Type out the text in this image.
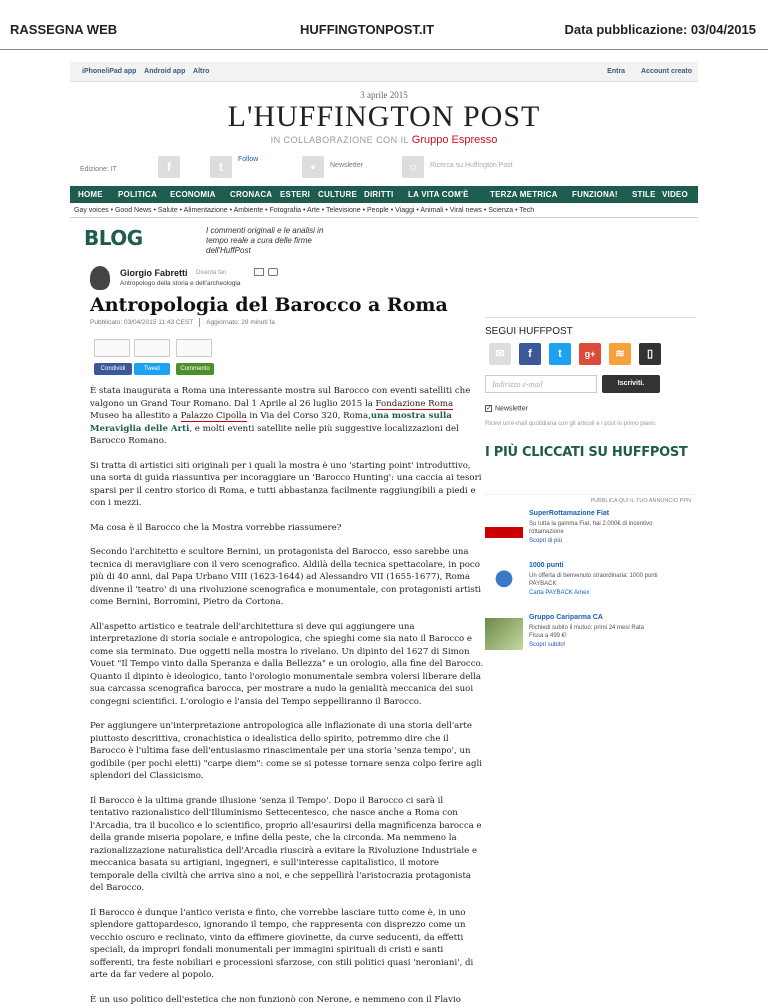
RASSEGNA WEB	HUFFINGTONPOST.IT	Data pubblicazione: 03/04/2015
iPhone/iPad app Android app Altro	Entra Account creato
3 aprile 2015
L'HUFFINGTON POST
IN COLLABORAZIONE CON IL Gruppo Espresso
Edizione: IT	f	t
Follow
•	Newsletter	○	Ricerca su Huffington Post
HOME POLITICA ECONOMIA CRONACA ESTERI CULTURE DIRITTI LA VITA COM'È	TERZA METRICA FUNZIONA! STILE VIDEO
Gay voices • Good News • Salute • Alimentazione • Ambiente • Fotografia • Arte • Televisione • People • Viaggi • Animali • Viral news • Scienza • Tech
BLOG	I commenti originali e le analisi in tempo reale a cura delle firme dell'HuffPost
Giorgio Fabretti Diventa fan
Antropologo della storia e dell'archeologia
Antropologia del Barocco a Roma
Pubblicato: 03/04/2015 11:43 CEST Aggiornato: 29 minuti fa
Condividi	Tweet	Commento

È stata inaugurata a Roma una interessante mostra sul Barocco con eventi satelliti che valgono un Grand Tour Romano. Dal 1 Aprile al 26 luglio 2015 la Fondazione Roma Museo ha allestito a Palazzo Cipolla in Via del Corso 320, Roma,una mostra sulla Meraviglia delle Arti, e molti eventi satellite nelle più suggestive localizzazioni del Barocco Romano.

Si tratta di artistici siti originali per i quali la mostra è uno 'starting point' introduttivo, una sorta di guida riassuntiva per incoraggiare un 'Barocco Hunting': una caccia ai tesori sparsi per il centro storico di Roma, e tutti abbastanza facilmente raggiungibili a piedi e con i mezzi.

Ma cosa è il Barocco che la Mostra vorrebbe riassumere?

Secondo l'architetto e scultore Bernini, un protagonista del Barocco, esso sarebbe una tecnica di meravigliare con il vero scenografico. Aldilà della tecnica spettacolare, in poco più di 40 anni, dal Papa Urbano VIII (1623-1644) ad Alessandro VII (1655-1677), Roma divenne il 'teatro' di una rivoluzione scenografica e monumentale, con protagonisti artisti come Bernini, Borromini, Pietro da Cortona.

All'aspetto artistico e teatrale dell'architettura si deve qui aggiungere una interpretazione di storia sociale e antropologica, che spieghi come sia nato il Barocco e come sia terminato. Due oggetti nella mostra lo rivelano. Un dipinto del 1627 di Simon Vouet "Il Tempo vinto dalla Speranza e dalla Bellezza" e un orologio, alla fine del Barocco. Quanto il dipinto è ideologico, tanto l'orologio monumentale sembra volersi liberare della sua carcassa scenografica barocca, per mostrare a nudo la genialità meccanica dei suoi congegni scientifici. L'orologio e l'ansia del Tempo seppelliranno il Barocco.

Per aggiungere un'interpretazione antropologica alle inflazionate di una storia dell'arte piuttosto descrittiva, cronachistica o idealistica dello spirito, potremmo dire che il Barocco è l'ultima fase dell'entusiasmo rinascimentale per una storia 'senza tempo', un godibile (per pochi eletti) "carpe diem": come se si potesse tornare senza colpo ferire agli splendori del Classicismo.

Il Barocco è la ultima grande illusione 'senza il Tempo'. Dopo il Barocco ci sarà il tentativo razionalistico dell'Illuminismo Settecentesco, che nasce anche a Roma con l'Arcadia, tra il bucolico e lo scientifico, proprio all'esaurirsi della magnificenza barocca e della grande miseria popolare, e infine della peste, che la circonda. Ma nemmeno la razionalizzazione naturalistica dell'Arcadia riuscirà a evitare la Rivoluzione Industriale e meccanica basata su artigiani, ingegneri, e sull'interesse capitalistico, il motore temporale della civiltà che arriva sino a noi, e che seppellirà l'aristocrazia protagonista del Barocco.

Il Barocco è dunque l'antico verista e finto, che vorrebbe lasciare tutto come è, in uno splendore gattopardesco, ignorando il tempo, che rappresenta con disprezzo come un vecchio oscuro e reclinato, vinto da effimere giovinette, da curve seducenti, da effetti speciali, da impropri fondali monumentali per immagini spirituali di cristi e santi sofferenti, tra feste nobiliari e processioni sfarzose, con stili politici quasi 'neroniani', di arte da far vedere al popolo.

È un uso politico dell'estetica che non funzionò con Nerone, e nemmeno con il Flavio

SEGUI HUFFPOST
✉	f	t	g+	≋	▯
Indirizzo e-mail	Iscriviti.
✓ Newsletter
Ricevi un'e-mail quotidiana con gli articoli e i post in primo piano.
I PIÙ CLICCATI SU HUFFPOST
PUBBLICA QUI IL TUO ANNUNCIO PPN
SuperRottamazione Fiat
Su tutta la gamma Fiat, hai 2.000€ di incentivo rottamazione
Scopri di più
1000 punti
Un offerta di benvenuto straordinaria: 1000 punti PAYBACK
Carta PAYBACK Amex
Gruppo Cariparma CA
Richiedi subito il mutuo: primi 24 mesi Rata Fissa a 499 €!
Scopri subito!
